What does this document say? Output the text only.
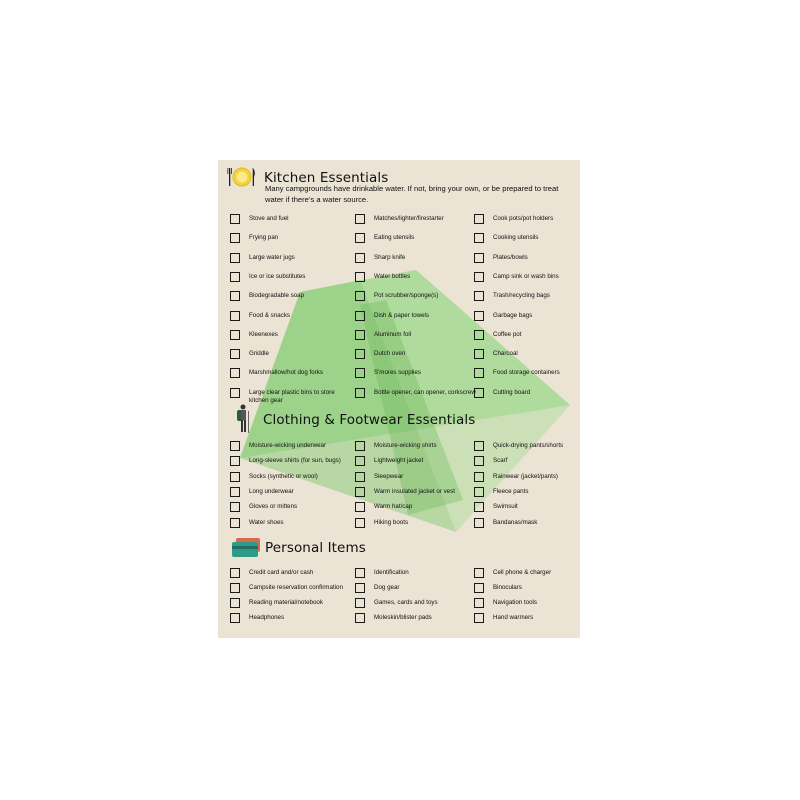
Kitchen Essentials
Many campgrounds have drinkable water. If not, bring your own, or be prepared to treat water if there’s a water source.
Stove and fuel
Frying pan
Large water jugs
Ice or ice substitutes
Biodegradable soap
Food & snacks
Kleenexes
Griddle
Marshmallow/hot dog forks
Large clear plastic bins to store kitchen gear
Matches/lighter/firestarter
Eating utensils
Sharp knife
Water bottles
Pot scrubber/sponge(s)
Dish & paper towels
Aluminum foil
Dutch oven
S'mores supplies
Bottle opener, can opener, corkscrew
Cook pots/pot holders
Cooking utensils
Plates/bowls
Camp sink or wash bins
Trash/recycling bags
Garbage bags
Coffee pot
Charcoal
Food storage containers
Cutting board
Clothing & Footwear Essentials
Moisture-wicking underwear
Long-sleeve shirts (for sun, bugs)
Socks (synthetic or wool)
Long underwear
Gloves or mittens
Water shoes
Moisture-wicking shirts
Lightweight jacket
Sleepwear
Warm insulated jacket or vest
Warm hat/cap
Hiking boots
Quick-drying pants/shorts
Scarf
Rainwear (jacket/pants)
Fleece pants
Swimsuit
Bandanas/mask
Personal Items
Credit card and/or cash
Campsite reservation confirmation
Reading material/notebook
Headphones
Identification
Dog gear
Games, cards and toys
Moleskin/blister pads
Cell phone & charger
Binoculars
Navigation tools
Hand warmers
